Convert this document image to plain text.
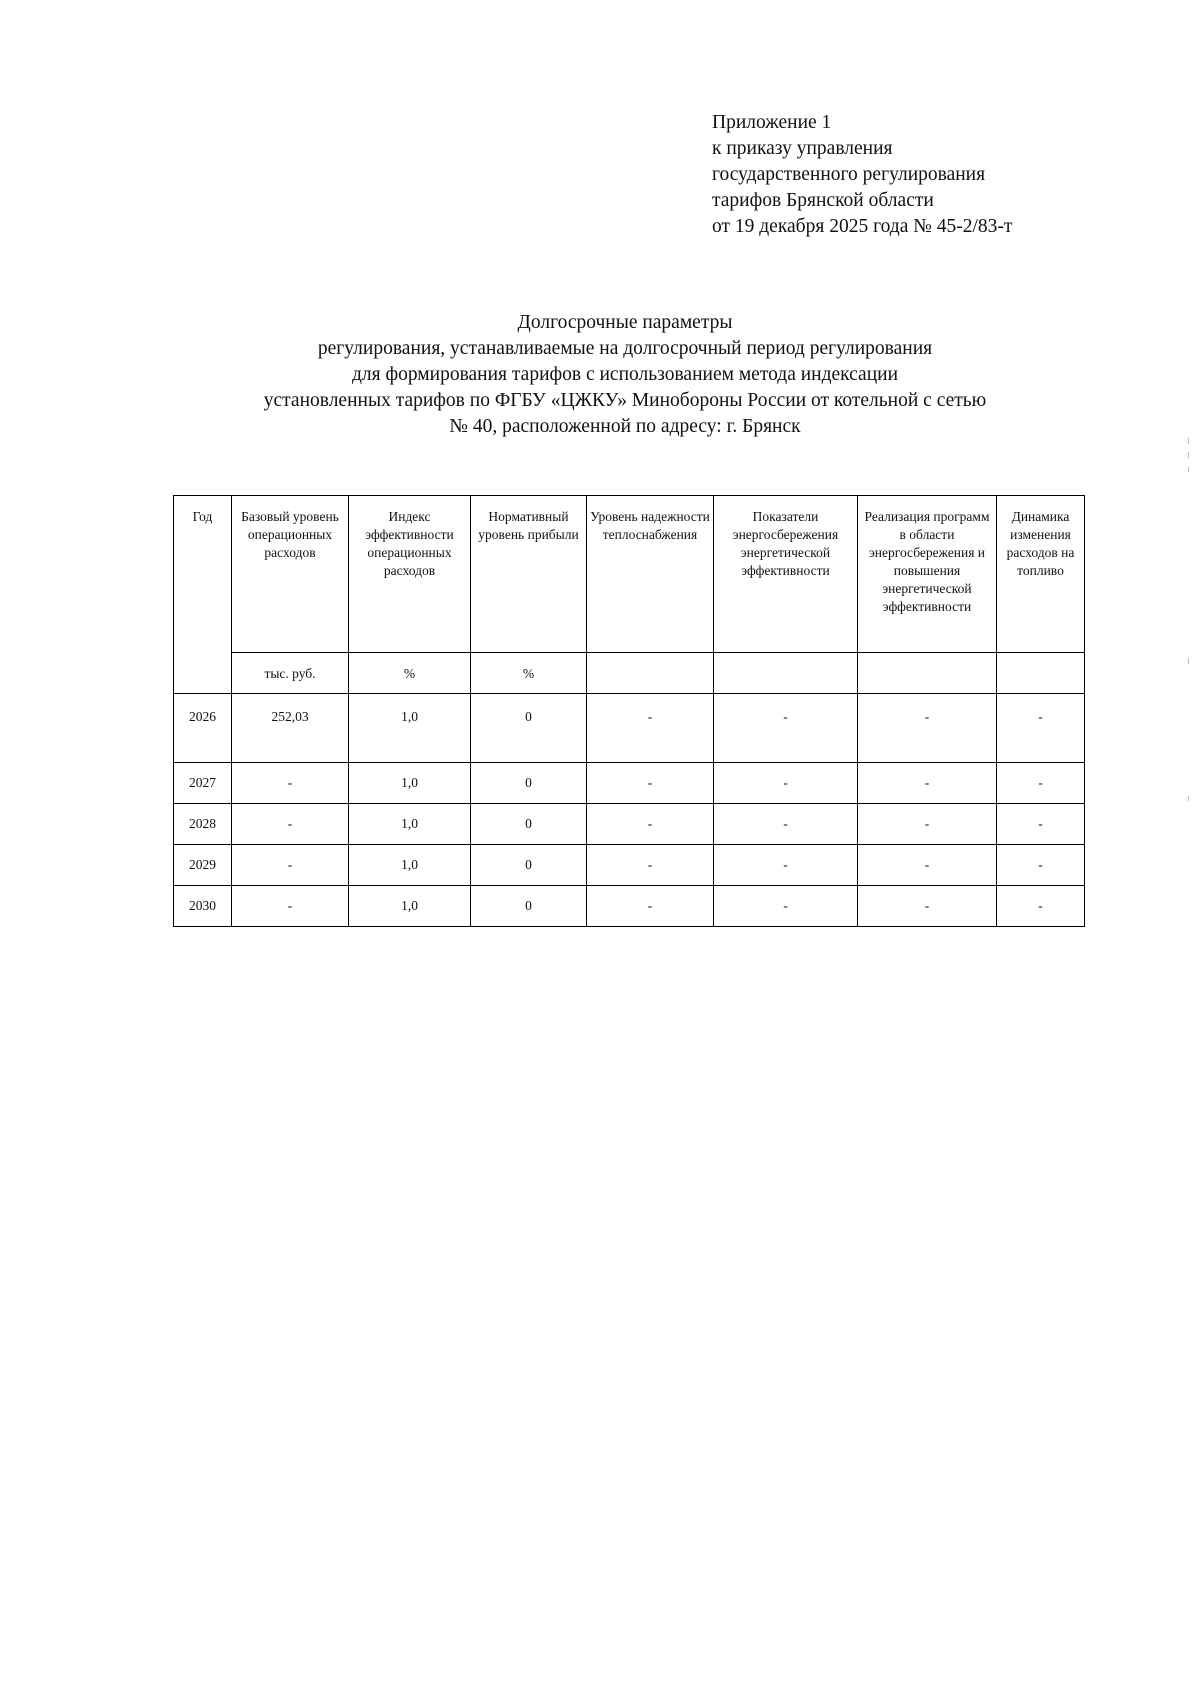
Приложение 1
к приказу управления
государственного регулирования
тарифов Брянской области
от 19 декабря 2025 года № 45-2/83-т
Долгосрочные параметры
регулирования, устанавливаемые на долгосрочный период регулирования
для формирования тарифов с использованием метода индексации
установленных тарифов по ФГБУ «ЦЖКУ» Минобороны России от котельной с сетью
№ 40, расположенной по адресу: г. Брянск
Год	Базовый уровень операционных расходов	Индекс эффективности операционных расходов	Нормативный уровень прибыли	Уровень надежности теплоснабжения	Показатели энергосбережения энергетической эффективности	Реализация программ в области энергосбережения и повышения энергетической эффективности	Динамика изменения расходов на топливо
	тыс. руб.	%	%				
2026	252,03	1,0	0	-	-	-	-
2027	-	1,0	0	-	-	-	-
2028	-	1,0	0	-	-	-	-
2029	-	1,0	0	-	-	-	-
2030	-	1,0	0	-	-	-	-
